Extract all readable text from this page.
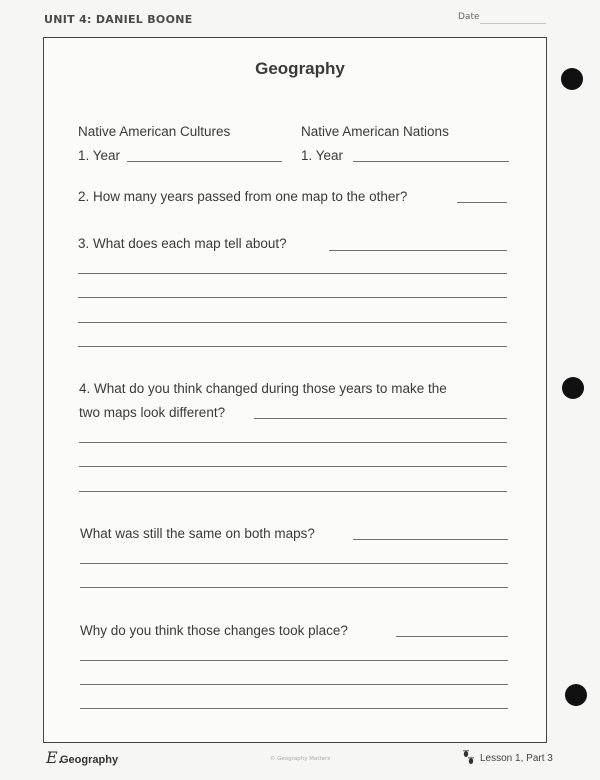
UNIT 4: DANIEL BOONE	Date
Geography
Native American Cultures	Native American Nations
1. Year	1. Year
2. How many years passed from one map to the other?
3. What does each map tell about?
4. What do you think changed during those years to make the
two maps look different?
What was still the same on both maps?
Why do you think those changes took place?
E.
Geography	© Geography Matters	Lesson 1, Part 3
